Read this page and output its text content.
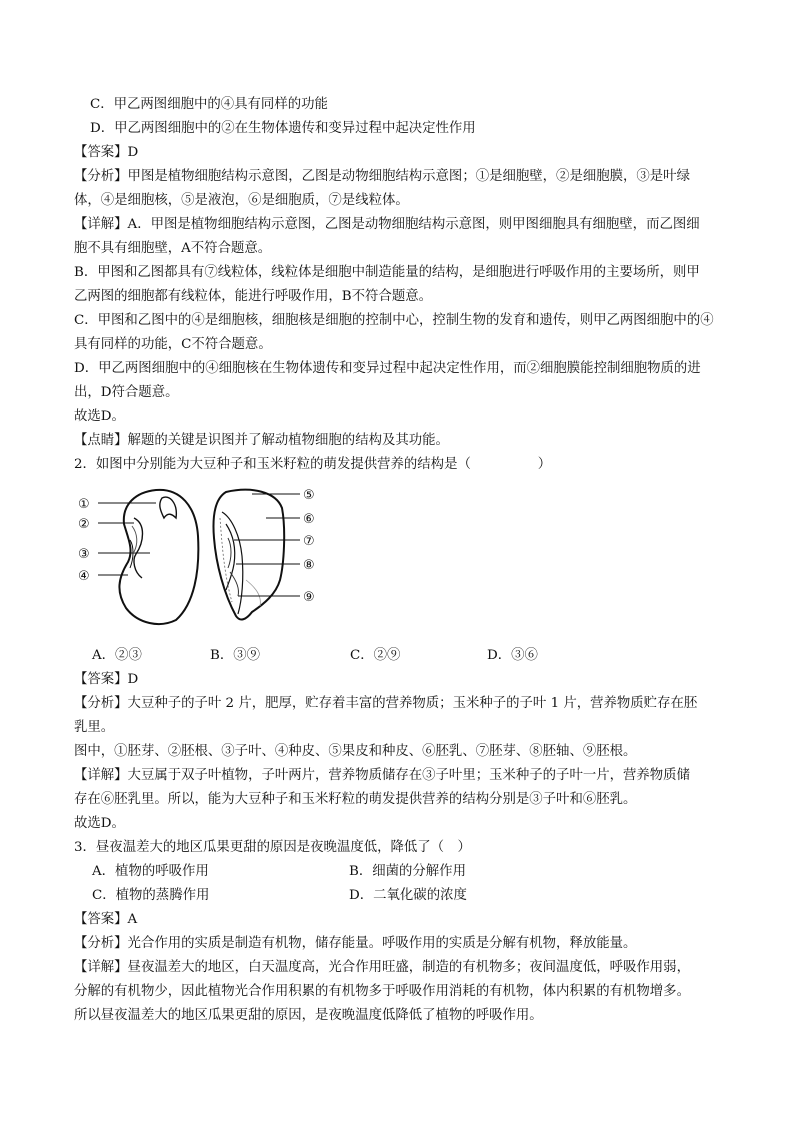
C．甲乙两图细胞中的④具有同样的功能
D．甲乙两图细胞中的②在生物体遗传和变异过程中起决定性作用
【答案】D
【分析】甲图是植物细胞结构示意图，乙图是动物细胞结构示意图；①是细胞壁，②是细胞膜，③是叶绿
体，④是细胞核，⑤是液泡，⑥是细胞质，⑦是线粒体。
【详解】A．甲图是植物细胞结构示意图，乙图是动物细胞结构示意图，则甲图细胞具有细胞壁，而乙图细
胞不具有细胞壁，A不符合题意。
B．甲图和乙图都具有⑦线粒体，线粒体是细胞中制造能量的结构，是细胞进行呼吸作用的主要场所，则甲
乙两图的细胞都有线粒体，能进行呼吸作用，B不符合题意。
C．甲图和乙图中的④是细胞核，细胞核是细胞的控制中心，控制生物的发育和遗传，则甲乙两图细胞中的④
具有同样的功能，C不符合题意。
D．甲乙两图细胞中的④细胞核在生物体遗传和变异过程中起决定性作用，而②细胞膜能控制细胞物质的进
出，D符合题意。
故选D。
【点睛】解题的关键是识图并了解动植物细胞的结构及其功能。
2．如图中分别能为大豆种子和玉米籽粒的萌发提供营养的结构是（　　　　　）
①
②
③
④
⑤
⑥
⑦
⑧
⑨
A．②③	B．③⑨	C．②⑨	D．③⑥
【答案】D
【分析】大豆种子的子叶 2 片，肥厚，贮存着丰富的营养物质；玉米种子的子叶 1 片，营养物质贮存在胚
乳里。
图中，①胚芽、②胚根、③子叶、④种皮、⑤果皮和种皮、⑥胚乳、⑦胚芽、⑧胚轴、⑨胚根。
【详解】大豆属于双子叶植物，子叶两片，营养物质储存在③子叶里；玉米种子的子叶一片，营养物质储
存在⑥胚乳里。所以，能为大豆种子和玉米籽粒的萌发提供营养的结构分别是③子叶和⑥胚乳。
故选D。
3．昼夜温差大的地区瓜果更甜的原因是夜晚温度低，降低了（　）
A．植物的呼吸作用	B．细菌的分解作用
C．植物的蒸腾作用	D．二氧化碳的浓度
【答案】A
【分析】光合作用的实质是制造有机物，储存能量。呼吸作用的实质是分解有机物，释放能量。
【详解】昼夜温差大的地区，白天温度高，光合作用旺盛，制造的有机物多；夜间温度低，呼吸作用弱，
分解的有机物少，因此植物光合作用积累的有机物多于呼吸作用消耗的有机物，体内积累的有机物增多。
所以昼夜温差大的地区瓜果更甜的原因，是夜晚温度低降低了植物的呼吸作用。
